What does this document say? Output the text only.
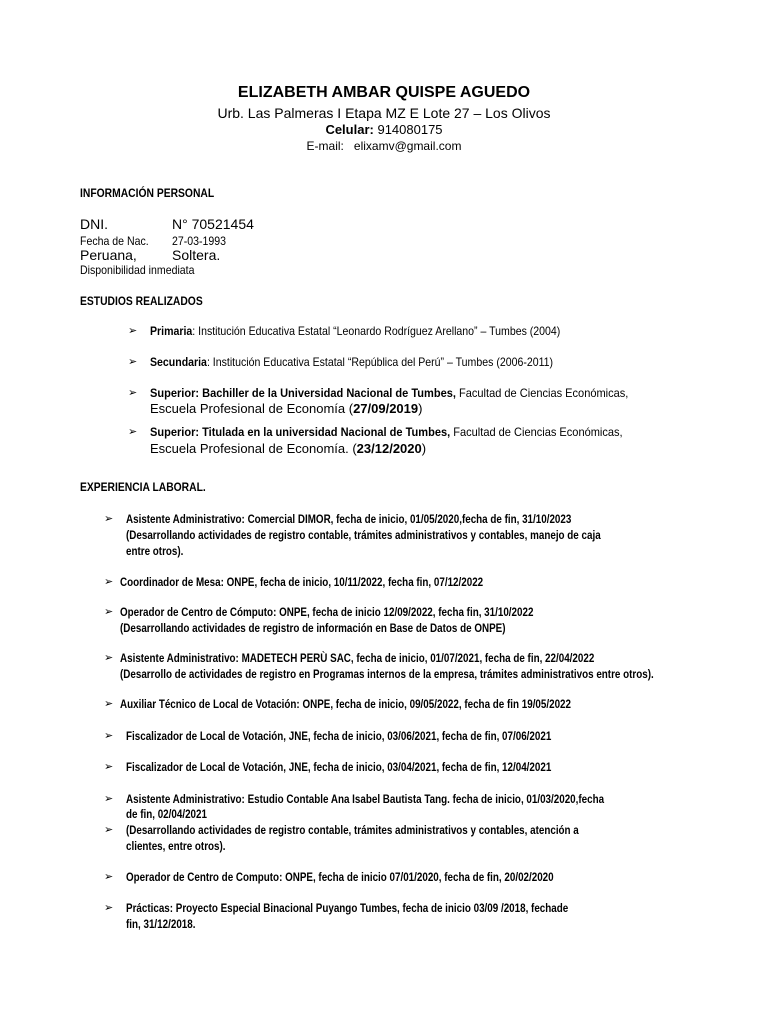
ELIZABETH AMBAR QUISPE AGUEDO
Urb. Las Palmeras I Etapa MZ E Lote 27 – Los Olivos
Celular: 914080175
E-mail: elixamv@gmail.com
INFORMACIÓN PERSONAL
DNI.	N° 70521454
Fecha de Nac.	27-03-1993
Peruana,	Soltera.
Disponibilidad inmediata
ESTUDIOS REALIZADOS
➢ Primaria: Institución Educativa Estatal “Leonardo Rodríguez Arellano” – Tumbes (2004)
➢ Secundaria: Institución Educativa Estatal “República del Perú” – Tumbes (2006-2011)
➢ Superior: Bachiller de la Universidad Nacional de Tumbes, Facultad de Ciencias Económicas,
Escuela Profesional de Economía (27/09/2019)
➢ Superior: Titulada en la universidad Nacional de Tumbes, Facultad de Ciencias Económicas,
Escuela Profesional de Economía. (23/12/2020)
EXPERIENCIA LABORAL.
➢ Asistente Administrativo: Comercial DIMOR, fecha de inicio, 01/05/2020,fecha de fin, 31/10/2023
(Desarrollando actividades de registro contable, trámites administrativos y contables, manejo de caja
entre otros).
➢ Coordinador de Mesa: ONPE, fecha de inicio, 10/11/2022, fecha fin, 07/12/2022
➢ Operador de Centro de Cómputo: ONPE, fecha de inicio 12/09/2022, fecha fin, 31/10/2022
(Desarrollando actividades de registro de información en Base de Datos de ONPE)
➢ Asistente Administrativo: MADETECH PERÙ SAC, fecha de inicio, 01/07/2021, fecha de fin, 22/04/2022
(Desarrollo de actividades de registro en Programas internos de la empresa, trámites administrativos entre otros).
➢ Auxiliar Técnico de Local de Votación: ONPE, fecha de inicio, 09/05/2022, fecha de fin 19/05/2022
➢ Fiscalizador de Local de Votación, JNE, fecha de inicio, 03/06/2021, fecha de fin, 07/06/2021
➢ Fiscalizador de Local de Votación, JNE, fecha de inicio, 03/04/2021, fecha de fin, 12/04/2021
➢ Asistente Administrativo: Estudio Contable Ana Isabel Bautista Tang. fecha de inicio, 01/03/2020,fecha
de fin, 02/04/2021
➢ (Desarrollando actividades de registro contable, trámites administrativos y contables, atención a
clientes, entre otros).
➢ Operador de Centro de Computo: ONPE, fecha de inicio 07/01/2020, fecha de fin, 20/02/2020
➢ Prácticas: Proyecto Especial Binacional Puyango Tumbes, fecha de inicio 03/09 /2018, fechade
fin, 31/12/2018.
